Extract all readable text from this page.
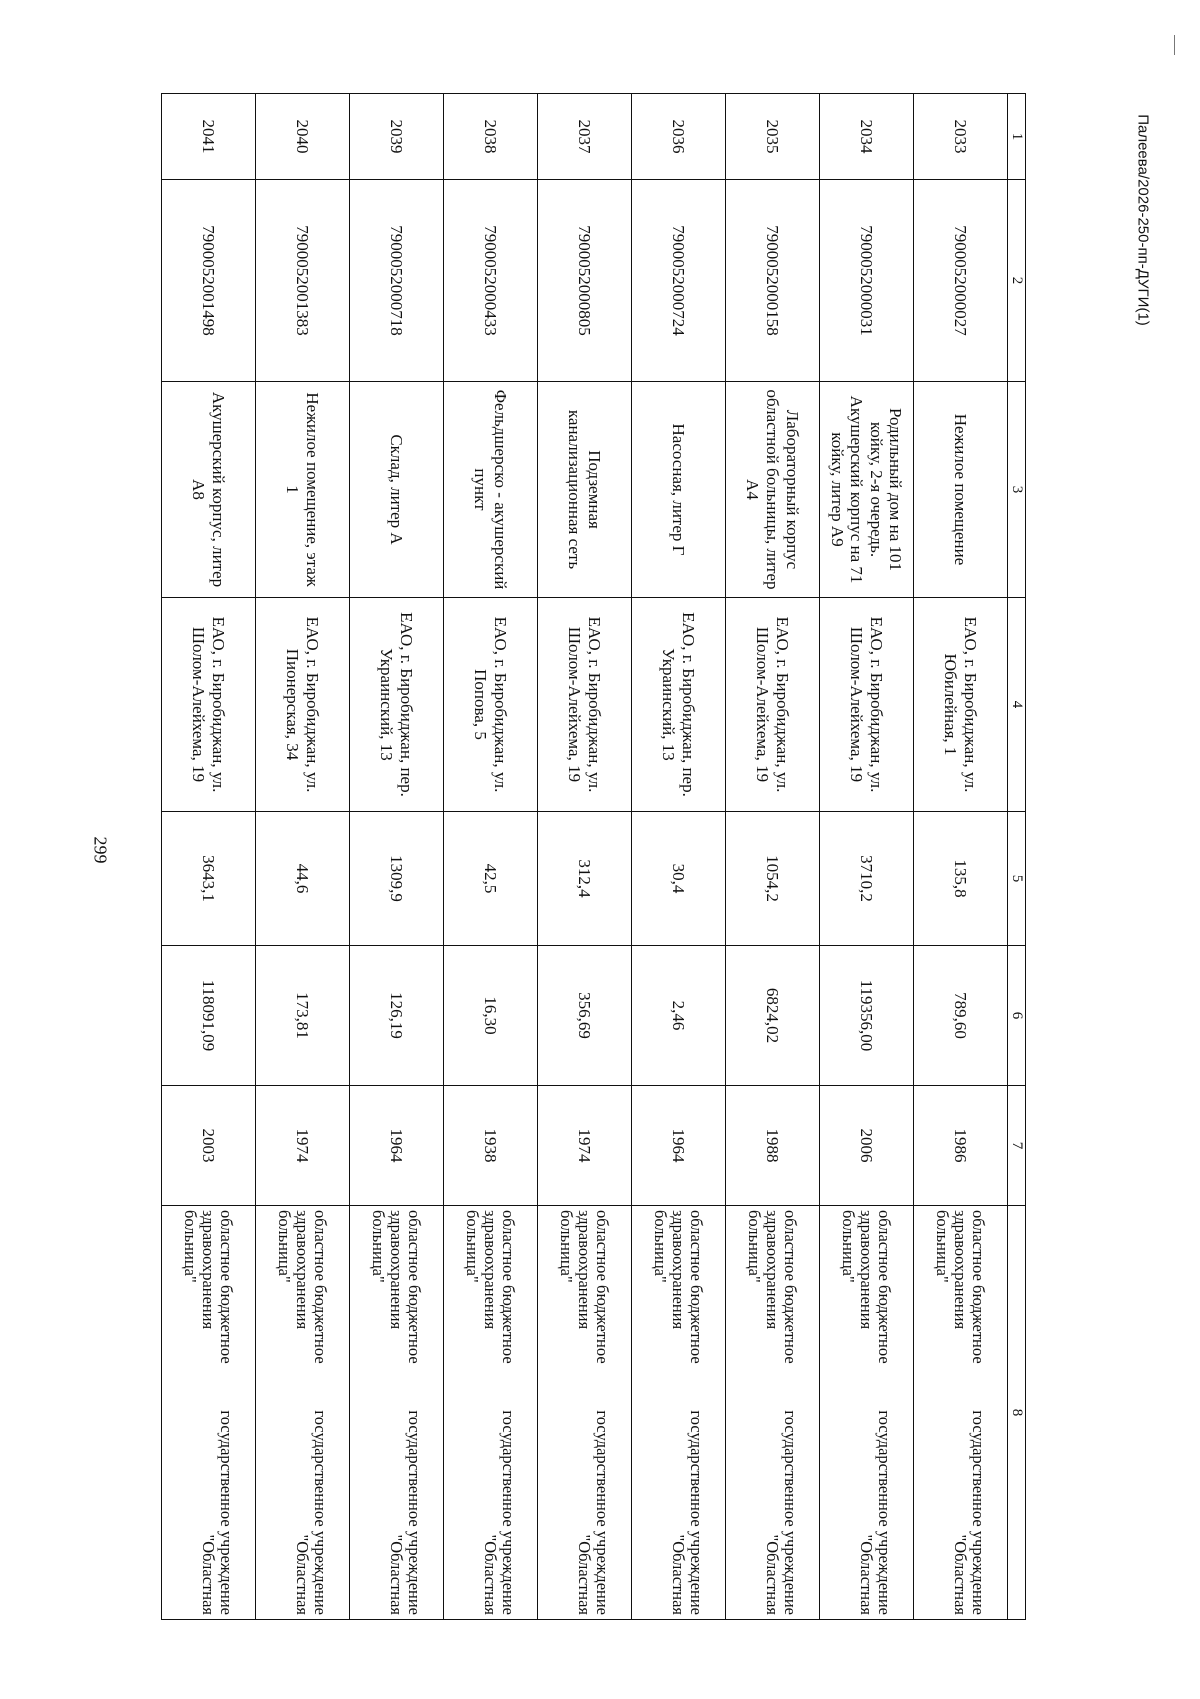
299
Палеева/2026-250-пп-ДУГИ(1)
1	2	3	4	5	6	7	8
2033	7900052000027	Нежилое помещение	ЕАО, г. Биробиджан, ул. Юбилейная, 1	135,8	789,60	1986	областное бюджетное здравоохранения больница"
государственное учреждение "Областная

2034	7900052000031	Родильный дом на 101 койку, 2-я очередь. Акушерский корпус на 71 койку, литер А9	ЕАО, г. Биробиджан, ул. Шолом-Алейхема, 19	3710,2	119356,00	2006	областное бюджетное здравоохранения больница"
государственное учреждение "Областная

2035	7900052000158	Лабораторный корпус областной больницы, литер А4	ЕАО, г. Биробиджан, ул. Шолом-Алейхема, 19	1054,2	6824,02	1988	областное бюджетное здравоохранения больница"
государственное учреждение "Областная

2036	7900052000724	Насосная, литер Г	ЕАО, г. Биробиджан, пер. Украинский, 13	30,4	2,46	1964	областное бюджетное здравоохранения больница"
государственное учреждение "Областная

2037	7900052000805	Подземная канализационная сеть	ЕАО, г. Биробиджан, ул. Шолом-Алейхема, 19	312,4	356,69	1974	областное бюджетное здравоохранения больница"
государственное учреждение "Областная

2038	7900052000433	Фельдшерско - акушерский пункт	ЕАО, г. Биробиджан, ул. Попова, 5	42,5	16,30	1938	областное бюджетное здравоохранения больница"
государственное учреждение "Областная

2039	7900052000718	Склад, литер А	ЕАО, г. Биробиджан, пер. Украинский, 13	1309,9	126,19	1964	областное бюджетное здравоохранения больница"
государственное учреждение "Областная

2040	7900052001383	Нежилое помещение, этаж 1	ЕАО, г. Биробиджан, ул. Пионерская, 34	44,6	173,81	1974	областное бюджетное здравоохранения больница"
государственное учреждение "Областная

2041	7900052001498	Акушерский корпус, литер А8	ЕАО, г. Биробиджан, ул. Шолом-Алейхема, 19	3643,1	118091,09	2003	областное бюджетное здравоохранения больница"
государственное учреждение "Областная
